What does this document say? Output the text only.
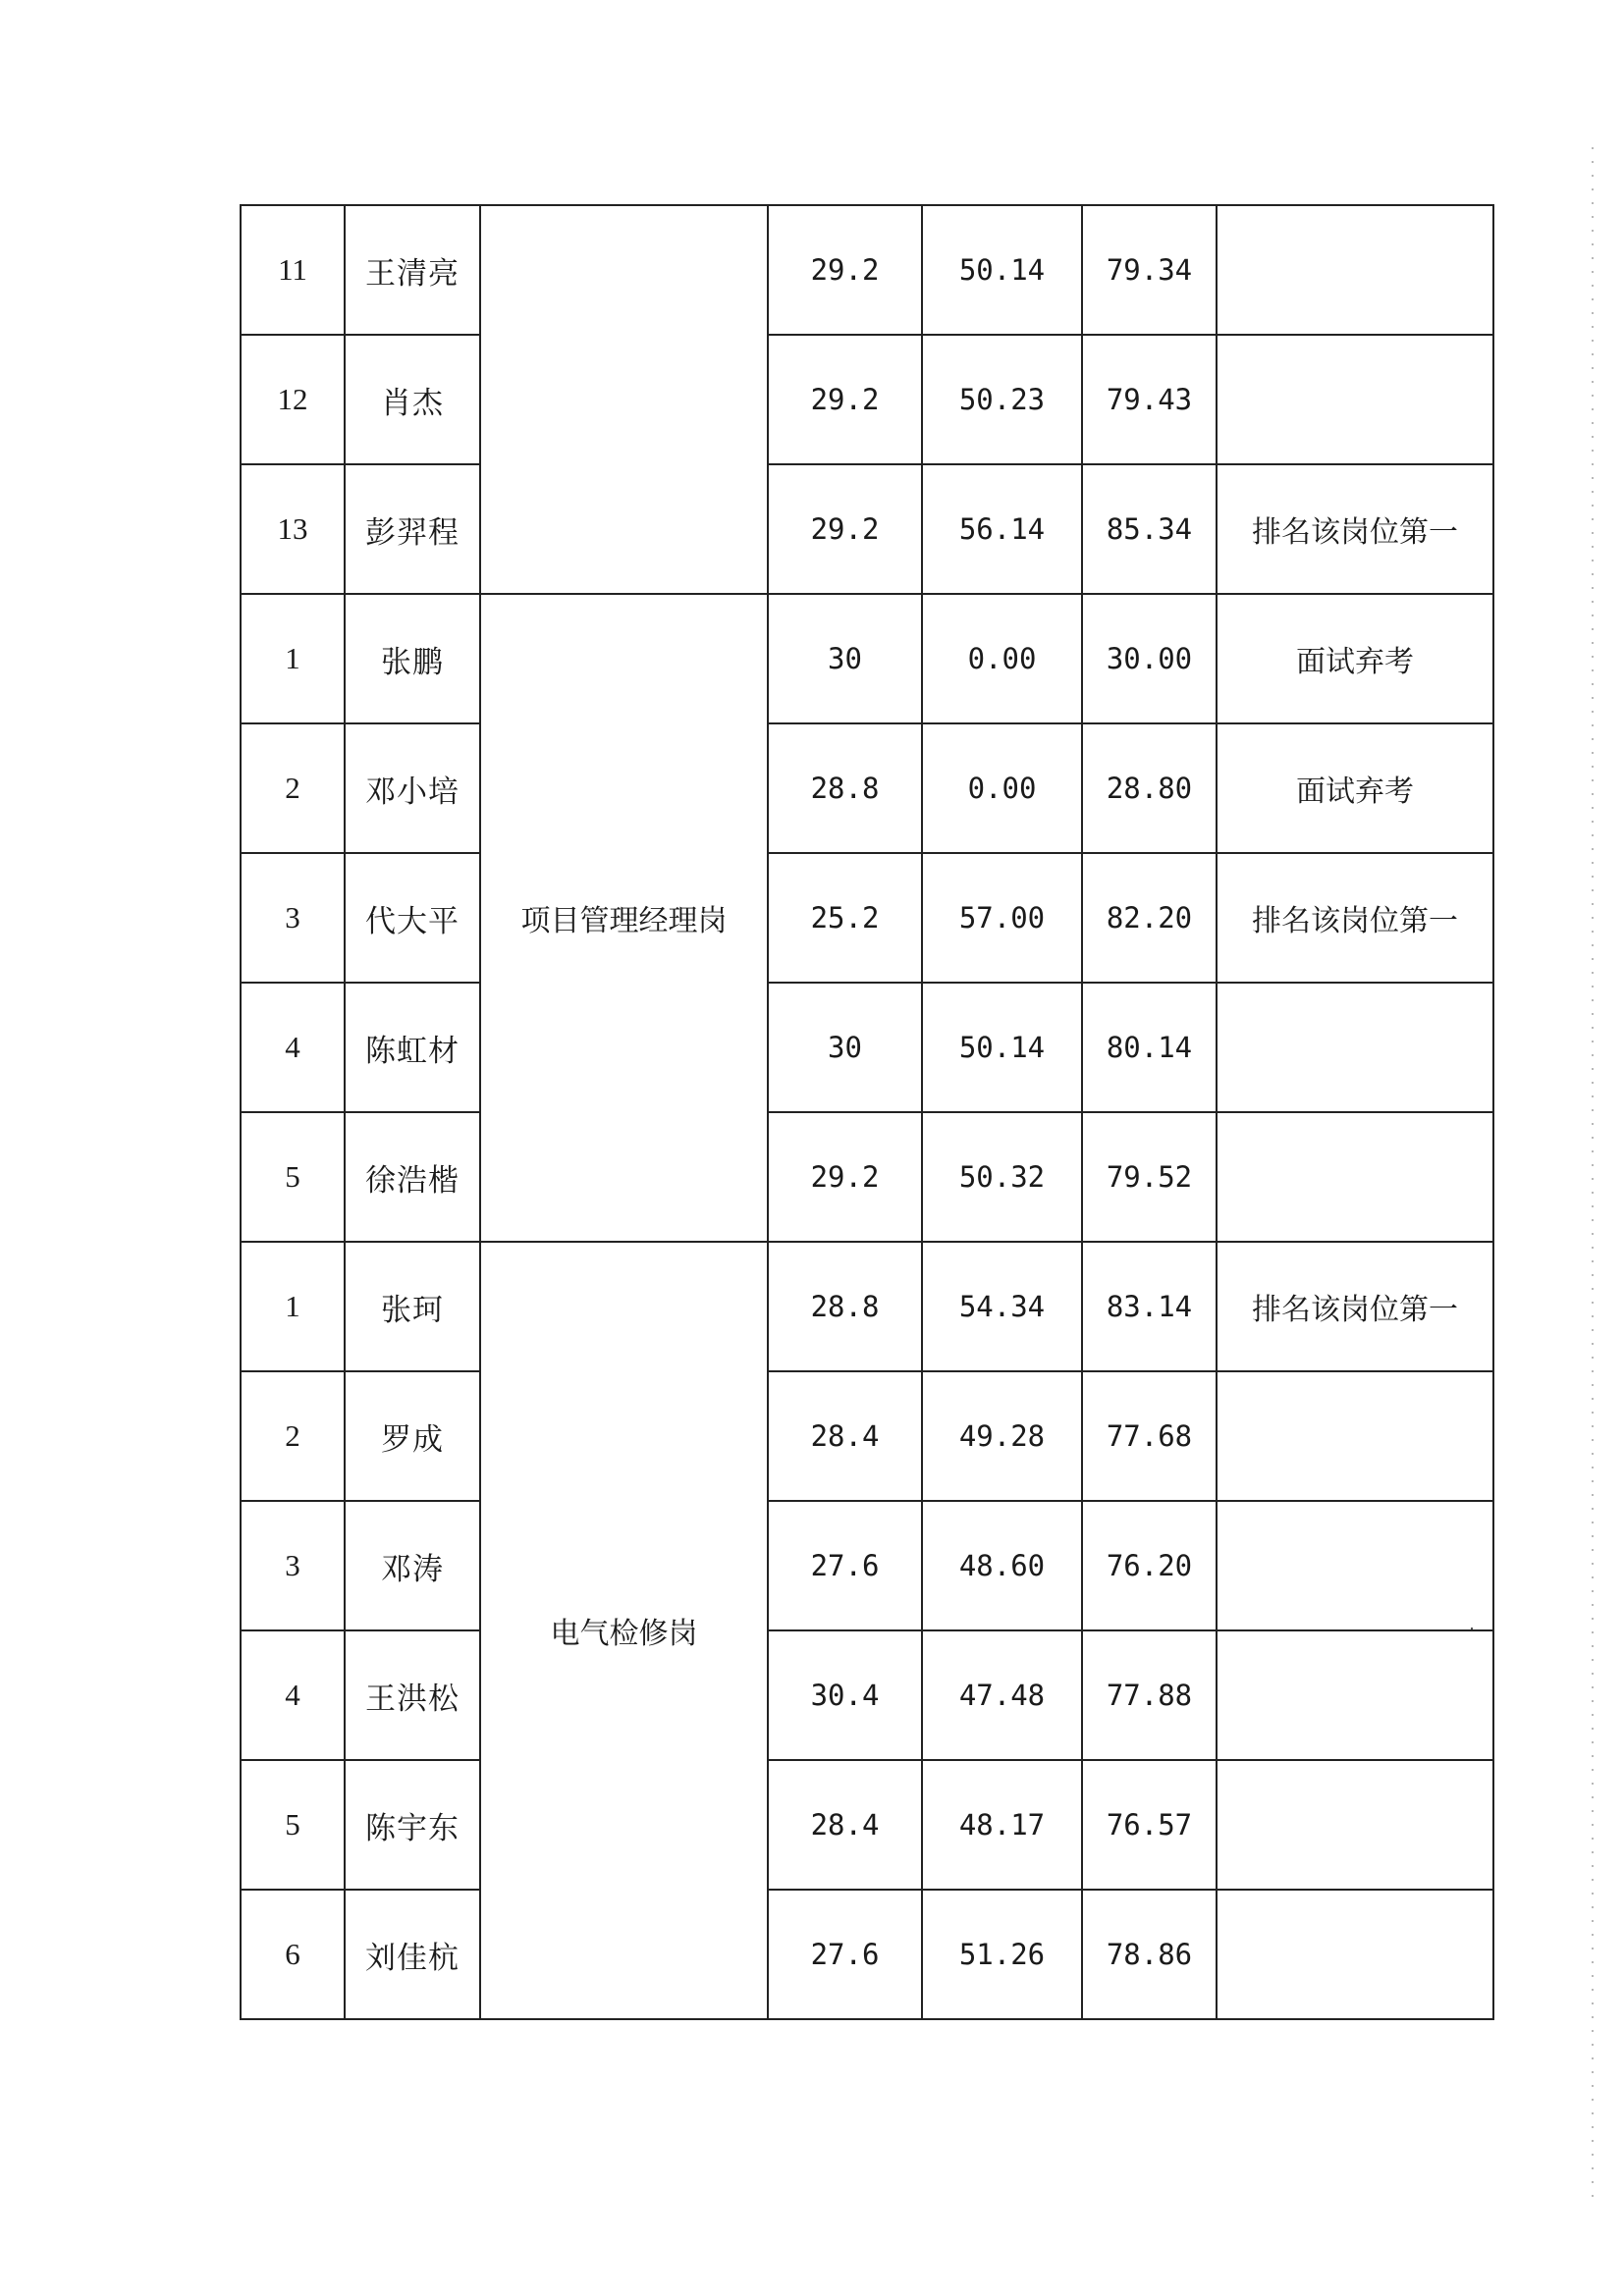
11	王清亮		29.2	50.14	79.34	
12	肖杰		29.2	50.23	79.43	
13	彭羿程		29.2	56.14	85.34	排名该岗位第一
1	张鹏	项目管理经理岗	30	0.00	30.00	面试弃考
2	邓小培		28.8	0.00	28.80	面试弃考
3	代大平		25.2	57.00	82.20	排名该岗位第一
4	陈虹材		30	50.14	80.14	
5	徐浩楷		29.2	50.32	79.52	
1	张珂	电气检修岗	28.8	54.34	83.14	排名该岗位第一
2	罗成		28.4	49.28	77.68	
3	邓涛		27.6	48.60	76.20	
4	王洪松		30.4	47.48	77.88	
5	陈宇东		28.4	48.17	76.57	
6	刘佳杭		27.6	51.26	78.86	
